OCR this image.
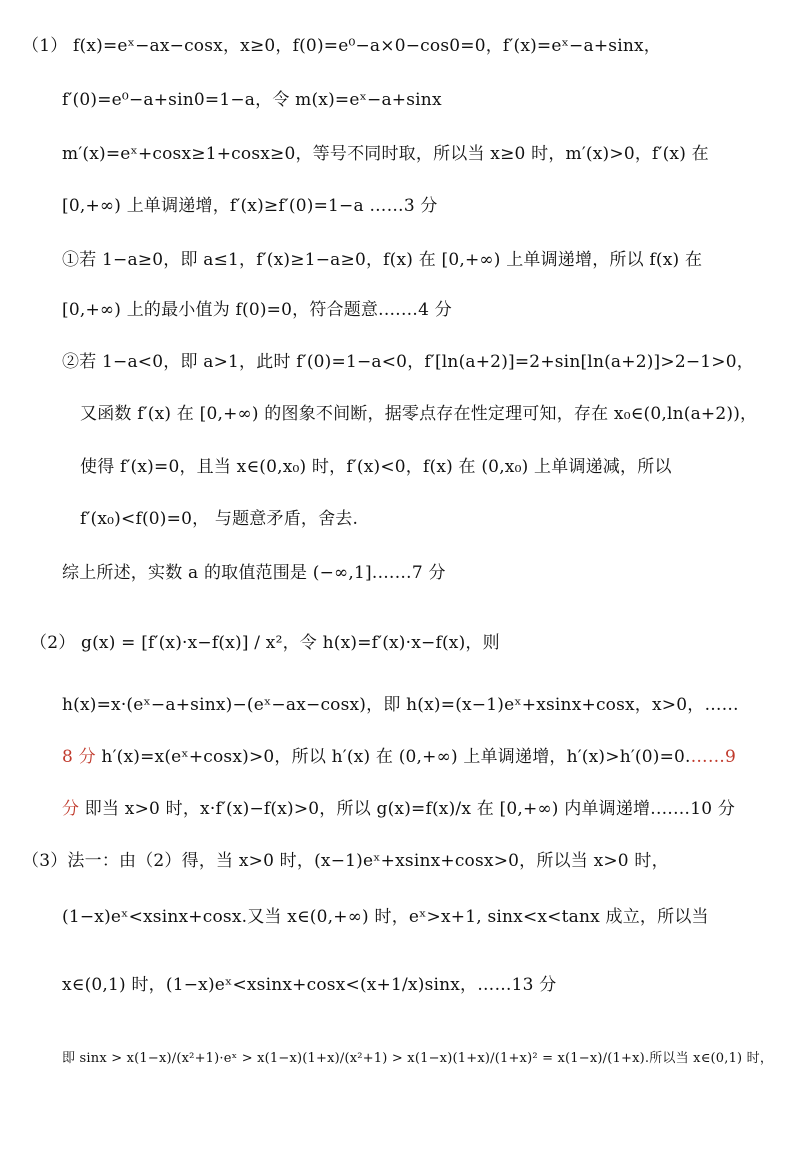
（1） f(x)=eˣ−ax−cosx，x≥0，f(0)=e⁰−a×0−cos0=0，f′(x)=eˣ−a+sinx，
f′(0)=e⁰−a+sin0=1−a，令 m(x)=eˣ−a+sinx
m′(x)=eˣ+cosx≥1+cosx≥0，等号不同时取，所以当 x≥0 时，m′(x)>0，f′(x) 在
[0,+∞) 上单调递增，f′(x)≥f′(0)=1−a ……3 分
①若 1−a≥0，即 a≤1，f′(x)≥1−a≥0，f(x) 在 [0,+∞) 上单调递增，所以 f(x) 在
[0,+∞) 上的最小值为 f(0)=0，符合题意.……4 分
②若 1−a<0，即 a>1，此时 f′(0)=1−a<0，f′[ln(a+2)]=2+sin[ln(a+2)]>2−1>0，
又函数 f′(x) 在 [0,+∞) 的图象不间断，据零点存在性定理可知，存在 x₀∈(0,ln(a+2))，
使得 f′(x)=0，且当 x∈(0,x₀) 时，f′(x)<0，f(x) 在 (0,x₀) 上单调递减，所以
f′(x₀)<f(0)=0， 与题意矛盾，舍去.
综上所述，实数 a 的取值范围是 (−∞,1].……7 分
（2） g(x) = [f′(x)·x−f(x)] / x²，令 h(x)=f′(x)·x−f(x)，则
h(x)=x·(eˣ−a+sinx)−(eˣ−ax−cosx)，即 h(x)=(x−1)eˣ+xsinx+cosx，x>0，……
8 分 h′(x)=x(eˣ+cosx)>0，所以 h′(x) 在 (0,+∞) 上单调递增，h′(x)>h′(0)=0.……9
分 即当 x>0 时，x·f′(x)−f(x)>0，所以 g(x)=f(x)/x 在 [0,+∞) 内单调递增.……10 分
（3）法一：由（2）得，当 x>0 时，(x−1)eˣ+xsinx+cosx>0，所以当 x>0 时，
(1−x)eˣ<xsinx+cosx.又当 x∈(0,+∞) 时，eˣ>x+1, sinx<x<tanx 成立，所以当
x∈(0,1) 时，(1−x)eˣ<xsinx+cosx<(x+1/x)sinx，……13 分
即 sinx > x(1−x)/(x²+1)·eˣ > x(1−x)(1+x)/(x²+1) > x(1−x)(1+x)/(1+x)² = x(1−x)/(1+x).所以当 x∈(0,1) 时，
